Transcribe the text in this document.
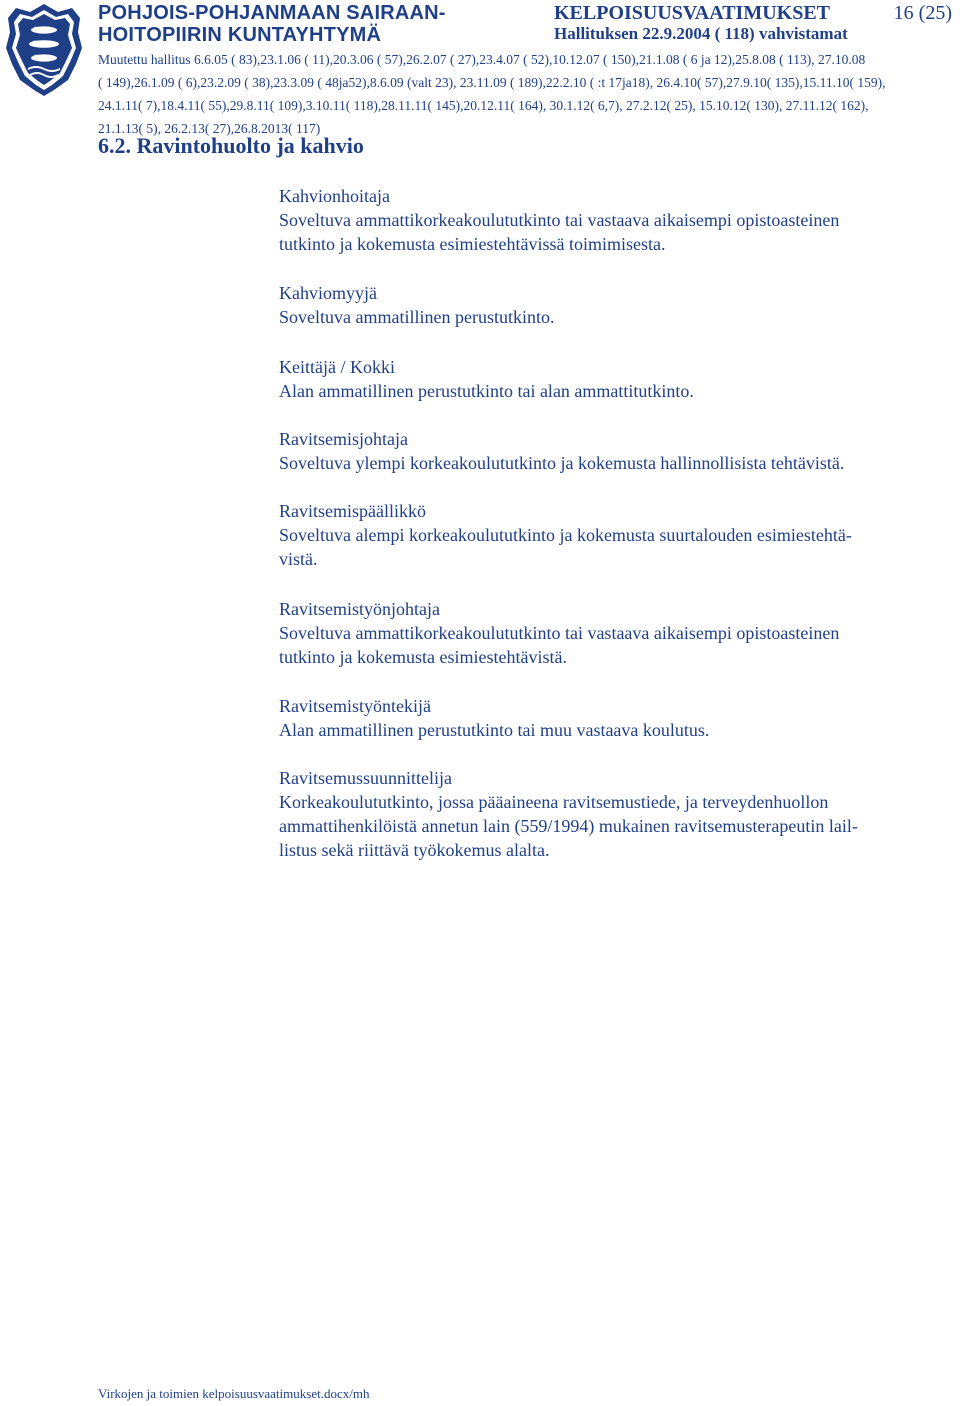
POHJOIS-POHJANMAAN SAIRAAN-
HOITOPIIRIN KUNTAYHTYMÄ
KELPOISUUSVAATIMUKSET	16 (25)
Hallituksen 22.9.2004 ( 118) vahvistamat
Muutettu hallitus 6.6.05 ( 83),23.1.06 ( 11),20.3.06 ( 57),26.2.07 ( 27),23.4.07 ( 52),10.12.07 ( 150),21.1.08 ( 6 ja 12),25.8.08 ( 113), 27.10.08
( 149),26.1.09 ( 6),23.2.09 ( 38),23.3.09 ( 48ja52),8.6.09 (valt 23), 23.11.09 ( 189),22.2.10 ( :t 17ja18), 26.4.10( 57),27.9.10( 135),15.11.10( 159),
24.1.11( 7),18.4.11( 55),29.8.11( 109),3.10.11( 118),28.11.11( 145),20.12.11( 164), 30.1.12( 6,7), 27.2.12( 25), 15.10.12( 130), 27.11.12( 162),
21.1.13( 5), 26.2.13( 27),26.8.2013( 117)
6.2. Ravintohuolto ja kahvio
Kahvionhoitaja
Soveltuva ammattikorkeakoulututkinto tai vastaava aikaisempi opistoasteinen
tutkinto ja kokemusta esimiestehtävissä toimimisesta.
Kahviomyyjä
Soveltuva ammatillinen perustutkinto.
Keittäjä / Kokki
Alan ammatillinen perustutkinto tai alan ammattitutkinto.
Ravitsemisjohtaja
Soveltuva ylempi korkeakoulututkinto ja kokemusta hallinnollisista tehtävistä.
Ravitsemispäällikkö
Soveltuva alempi korkeakoulututkinto ja kokemusta suurtalouden esimiestehtä-
vistä.
Ravitsemistyönjohtaja
Soveltuva ammattikorkeakoulututkinto tai vastaava aikaisempi opistoasteinen
tutkinto ja kokemusta esimiestehtävistä.
Ravitsemistyöntekijä
Alan ammatillinen perustutkinto tai muu vastaava koulutus.
Ravitsemussuunnittelija
Korkeakoulututkinto, jossa pääaineena ravitsemustiede, ja terveydenhuollon
ammattihenkilöistä annetun lain (559/1994) mukainen ravitsemusterapeutin lail-
listus sekä riittävä työkokemus alalta.
Virkojen ja toimien kelpoisuusvaatimukset.docx/mh
